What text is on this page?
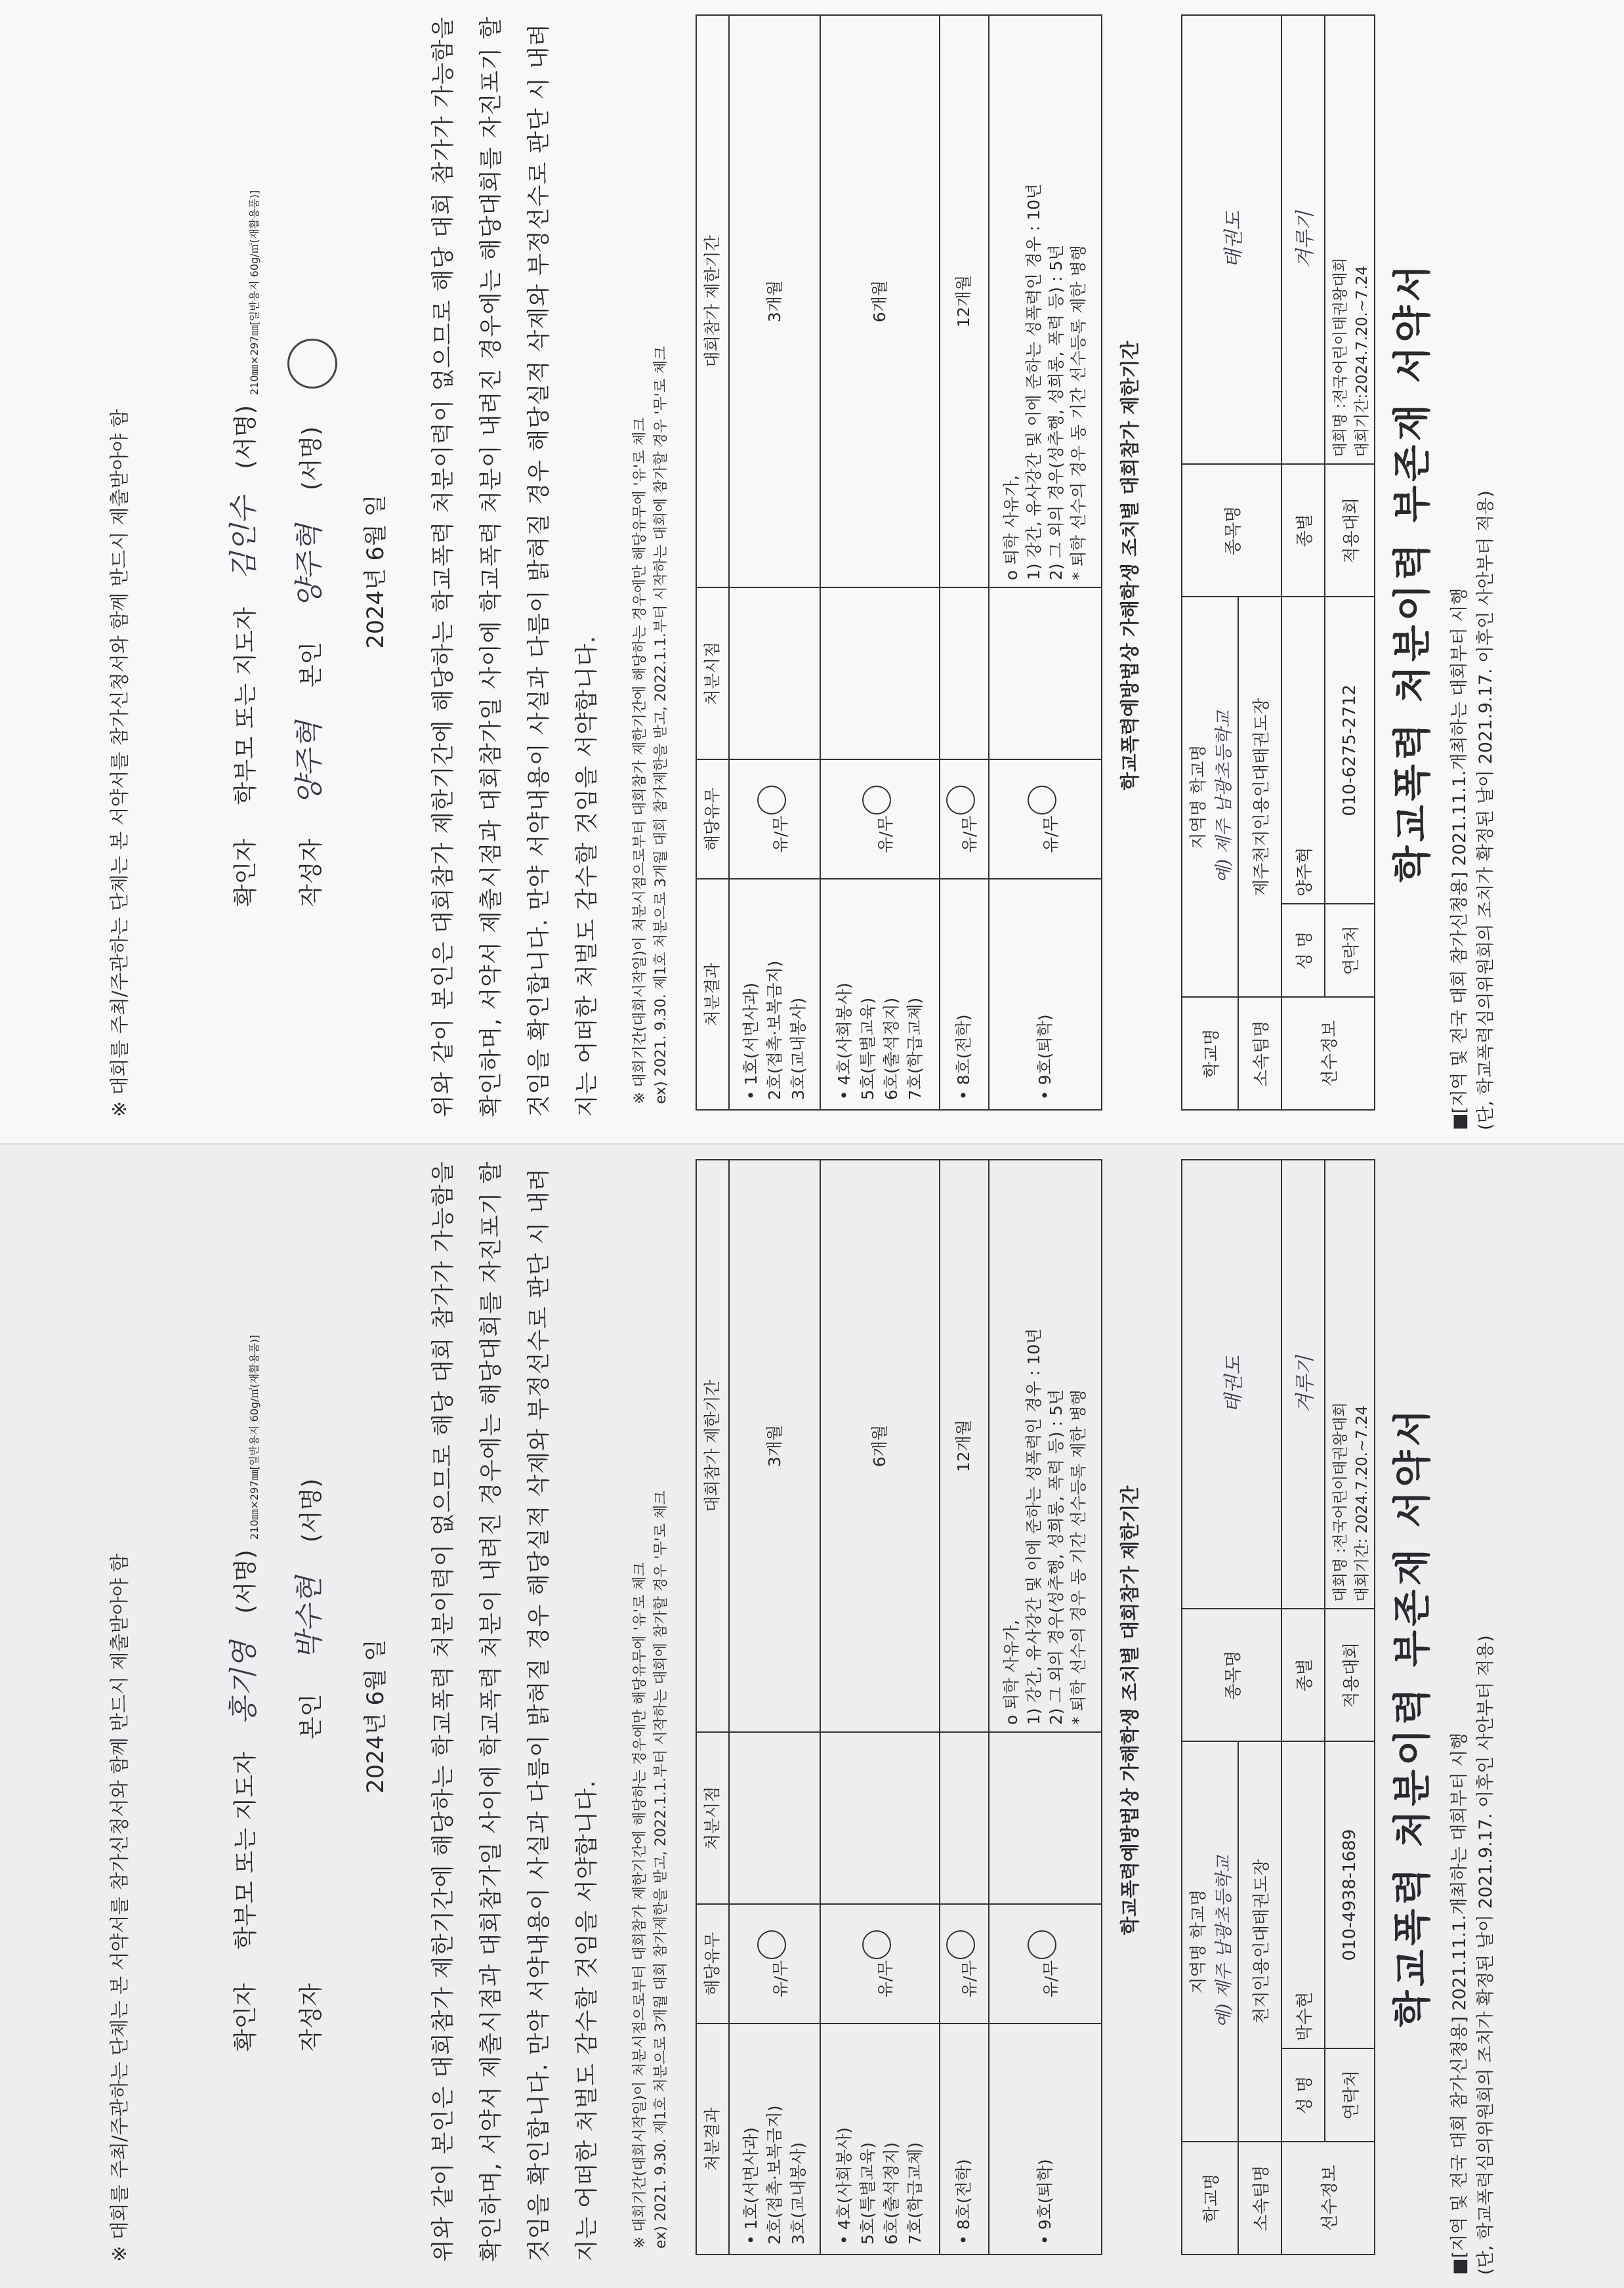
■[지역 및 전국 대회 참가신청용] 2021.11.1.개최하는 대회부터 시행 (단, 학교폭력심의위원회의 조치가 확정된 날이 2021.9.17. 이후인 사안부터 적용)
학교폭력 처분이력 부존재 서약서
학교명	지역명 학교명 예) 제주 남광초등학교		종목명	태권도
소속팀명	제주천지인용인대태권도장			
선수정보	성 명	양주혁	종별	겨루기
	연락처	010-6275-2712	적용대회	대회명 :전국어린이태권왕대회 대회기간:2024.7.20.~7.24
학교폭력예방법상 가해학생 조치별 대회참가 제한기간
처분결과	해당유무	처분시점	대회참가 제한기간

• 1호(서면사과) 2호(접촉·보복금지) 3호(교내봉사)	유/무		3개월

• 4호(사회봉사) 5호(특별교육) 6호(출석정지) 7호(학급교체)	유/무		6개월

• 8호(전학)	유/무		12개월

• 9호(퇴학)	유/무		o 퇴학 사유가,
1) 강간, 유사강간 및 이에 준하는 성폭력인 경우 : 10년
2) 그 외의 경우(성추행, 성희롱, 폭력 등) : 5년
* 퇴학 선수의 경우 동 기간 선수등록 제한 병행
※ 대회기간(대회시작일)이 처분시점으로부터 대회참가 제한기간에 해당하는 경우에만 해당유무에 '유'로 체크 ex) 2021. 9.30. 제1호 처분으로 3개월 대회 참가제한을 받고, 2022.1.1.부터 시작하는 대회에 참가할 경우 '무'로 체크
위와 같이 본인은 대회참가 제한기간에 해당하는 학교폭력 처분이력이 없으므로 해당 대회 참가가 가능함을 확인하며, 서약서 제출시점과 대회참가일 사이에 학교폭력 처분이 내려진 경우에는 해당대회를 자진포기 할 것임을 확인합니다. 만약 서약내용이 사실과 다름이 밝혀질 경우 해당실적 삭제와 부정선수로 판단 시 내려지는 어떠한 처벌도 감수할 것임을 서약합니다.
2024년 6월 일
작성자 양주혁 본인 양주혁 (서명)
확인자 학부모 또는 지도자 김인수 (서명)
210㎜×297㎜[일반용지 60g/㎡(재활용품)]
※ 대회를 주최/주관하는 단체는 본 서약서를 참가신청서와 함께 반드시 제출받아야 함
■[지역 및 전국 대회 참가신청용] 2021.11.1.개최하는 대회부터 시행 (단, 학교폭력심의위원회의 조치가 확정된 날이 2021.9.17. 이후인 사안부터 적용)
학교폭력 처분이력 부존재 서약서
학교명	지역명 학교명 예) 제주 남광초등학교		종목명	태권도
소속팀명	천지인용인대태권도장			
선수정보	성 명	박수현	종별	겨루기
	연락처	010-4938-1689	적용대회	대회명 :전국어린이태권왕대회 대회기간: 2024.7.20.~7.24
학교폭력예방법상 가해학생 조치별 대회참가 제한기간
처분결과	해당유무	처분시점	대회참가 제한기간

• 1호(서면사과) 2호(접촉·보복금지) 3호(교내봉사)	유/무		3개월

• 4호(사회봉사) 5호(특별교육) 6호(출석정지) 7호(학급교체)	유/무		6개월

• 8호(전학)	유/무		12개월

• 9호(퇴학)	유/무		o 퇴학 사유가,
1) 강간, 유사강간 및 이에 준하는 성폭력인 경우 : 10년
2) 그 외의 경우(성추행, 성희롱, 폭력 등) : 5년
* 퇴학 선수의 경우 동 기간 선수등록 제한 병행
※ 대회기간(대회시작일)이 처분시점으로부터 대회참가 제한기간에 해당하는 경우에만 해당유무에 '유'로 체크 ex) 2021. 9.30. 제1호 처분으로 3개월 대회 참가제한을 받고, 2022.1.1.부터 시작하는 대회에 참가할 경우 '무'로 체크
위와 같이 본인은 대회참가 제한기간에 해당하는 학교폭력 처분이력이 없으므로 해당 대회 참가가 가능함을 확인하며, 서약서 제출시점과 대회참가일 사이에 학교폭력 처분이 내려진 경우에는 해당대회를 자진포기 할 것임을 확인합니다. 만약 서약내용이 사실과 다름이 밝혀질 경우 해당실적 삭제와 부정선수로 판단 시 내려지는 어떠한 처벌도 감수할 것임을 서약합니다.
2024년 6월 일
작성자 본인 박수현 (서명)
확인자 학부모 또는 지도자 홍기영 (서명)
210㎜×297㎜[일반용지 60g/㎡(재활용품)]
※ 대회를 주최/주관하는 단체는 본 서약서를 참가신청서와 함께 반드시 제출받아야 함
